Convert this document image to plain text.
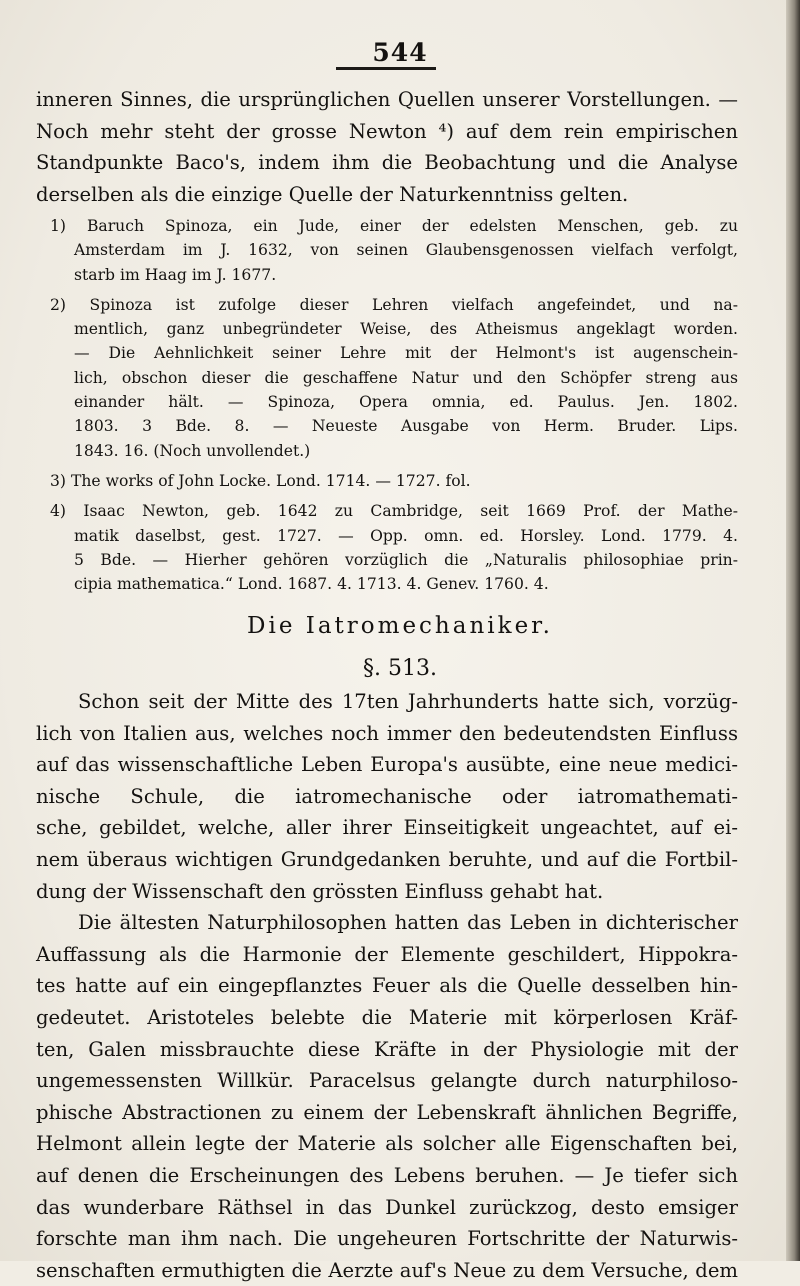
544
inneren Sinnes, die ursprünglichen Quellen unserer Vorstellungen. —
Noch mehr steht der grosse Newton ⁴) auf dem rein empirischen
Standpunkte Baco's, indem ihm die Beobachtung und die Analyse
derselben als die einzige Quelle der Naturkenntniss gelten.
1) Baruch Spinoza, ein Jude, einer der edelsten Menschen, geb. zu
Amsterdam im J. 1632, von seinen Glaubensgenossen vielfach verfolgt,
starb im Haag im J. 1677.
2) Spinoza ist zufolge dieser Lehren vielfach angefeindet, und na-
mentlich, ganz unbegründeter Weise, des Atheismus angeklagt worden.
— Die Aehnlichkeit seiner Lehre mit der Helmont's ist augenschein-
lich, obschon dieser die geschaffene Natur und den Schöpfer streng aus
einander hält. — Spinoza, Opera omnia, ed. Paulus. Jen. 1802.
1803. 3 Bde. 8. — Neueste Ausgabe von Herm. Bruder. Lips.
1843. 16. (Noch unvollendet.)
3) The works of John Locke. Lond. 1714. — 1727. fol.
4) Isaac Newton, geb. 1642 zu Cambridge, seit 1669 Prof. der Mathe-
matik daselbst, gest. 1727. — Opp. omn. ed. Horsley. Lond. 1779. 4.
5 Bde. — Hierher gehören vorzüglich die „Naturalis philosophiae prin-
cipia mathematica.“ Lond. 1687. 4. 1713. 4. Genev. 1760. 4.
Die Iatromechaniker.
§. 513.
Schon seit der Mitte des 17ten Jahrhunderts hatte sich, vorzüg-
lich von Italien aus, welches noch immer den bedeutendsten Einfluss
auf das wissenschaftliche Leben Europa's ausübte, eine neue medici-
nische Schule, die iatromechanische oder iatromathemati-
sche, gebildet, welche, aller ihrer Einseitigkeit ungeachtet, auf ei-
nem überaus wichtigen Grundgedanken beruhte, und auf die Fortbil-
dung der Wissenschaft den grössten Einfluss gehabt hat.
Die ältesten Naturphilosophen hatten das Leben in dichterischer
Auffassung als die Harmonie der Elemente geschildert, Hippokra-
tes hatte auf ein eingepflanztes Feuer als die Quelle desselben hin-
gedeutet. Aristoteles belebte die Materie mit körperlosen Kräf-
ten, Galen missbrauchte diese Kräfte in der Physiologie mit der
ungemessensten Willkür. Paracelsus gelangte durch naturphiloso-
phische Abstractionen zu einem der Lebenskraft ähnlichen Begriffe,
Helmont allein legte der Materie als solcher alle Eigenschaften bei,
auf denen die Erscheinungen des Lebens beruhen. — Je tiefer sich
das wunderbare Räthsel in das Dunkel zurückzog, desto emsiger
forschte man ihm nach. Die ungeheuren Fortschritte der Naturwis-
senschaften ermuthigten die Aerzte auf's Neue zu dem Versuche, dem
